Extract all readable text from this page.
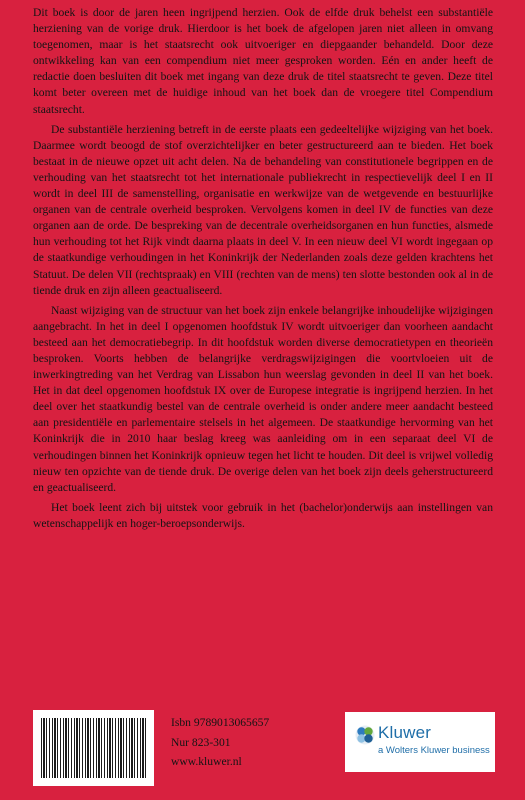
Dit boek is door de jaren heen ingrijpend herzien. Ook de elfde druk behelst een substantiële herziening van de vorige druk. Hierdoor is het boek de afgelopen jaren niet alleen in omvang toegenomen, maar is het staatsrecht ook uitvoeriger en diepgaander behandeld. Door deze ontwikkeling kan van een compendium niet meer gesproken worden. Eén en ander heeft de redactie doen besluiten dit boek met ingang van deze druk de titel staatsrecht te geven. Deze titel komt beter overeen met de huidige inhoud van het boek dan de vroegere titel Compendium staatsrecht.

De substantiële herziening betreft in de eerste plaats een gedeeltelijke wijziging van het boek. Daarmee wordt beoogd de stof overzichtelijker en beter gestructureerd aan te bieden. Het boek bestaat in de nieuwe opzet uit acht delen. Na de behandeling van constitutionele begrippen en de verhouding van het staatsrecht tot het internationale publiekrecht in respectievelijk deel I en II wordt in deel III de samenstelling, organisatie en werkwijze van de wetgevende en bestuurlijke organen van de centrale overheid besproken. Vervolgens komen in deel IV de functies van deze organen aan de orde. De bespreking van de decentrale overheidsorganen en hun functies, alsmede hun verhouding tot het Rijk vindt daarna plaats in deel V. In een nieuw deel VI wordt ingegaan op de staatkundige verhoudingen in het Koninkrijk der Nederlanden zoals deze gelden krachtens het Statuut. De delen VII (rechtspraak) en VIII (rechten van de mens) ten slotte bestonden ook al in de tiende druk en zijn alleen geactualiseerd.

Naast wijziging van de structuur van het boek zijn enkele belangrijke inhoudelijke wijzigingen aangebracht. In het in deel I opgenomen hoofdstuk IV wordt uitvoeriger dan voorheen aandacht besteed aan het democratiebegrip. In dit hoofdstuk worden diverse democratietypen en theorieën besproken. Voorts hebben de belangrijke verdragswijzigingen die voortvloeien uit de inwerkingtreding van het Verdrag van Lissabon hun weerslag gevonden in deel II van het boek. Het in dat deel opgenomen hoofdstuk IX over de Europese integratie is ingrijpend herzien. In het deel over het staatkundig bestel van de centrale overheid is onder andere meer aandacht besteed aan presidentiële en parlementaire stelsels in het algemeen. De staatkundige hervorming van het Koninkrijk die in 2010 haar beslag kreeg was aanleiding om in een separaat deel VI de verhoudingen binnen het Koninkrijk opnieuw tegen het licht te houden. Dit deel is vrijwel volledig nieuw ten opzichte van de tiende druk. De overige delen van het boek zijn deels geherstructureerd en geactualiseerd.

Het boek leent zich bij uitstek voor gebruik in het (bachelor)onderwijs aan instellingen van wetenschappelijk en hoger-beroepsonderwijs.

Isbn 9789013065657
Nur 823-301
www.kluwer.nl
Kluwer
a Wolters Kluwer business
